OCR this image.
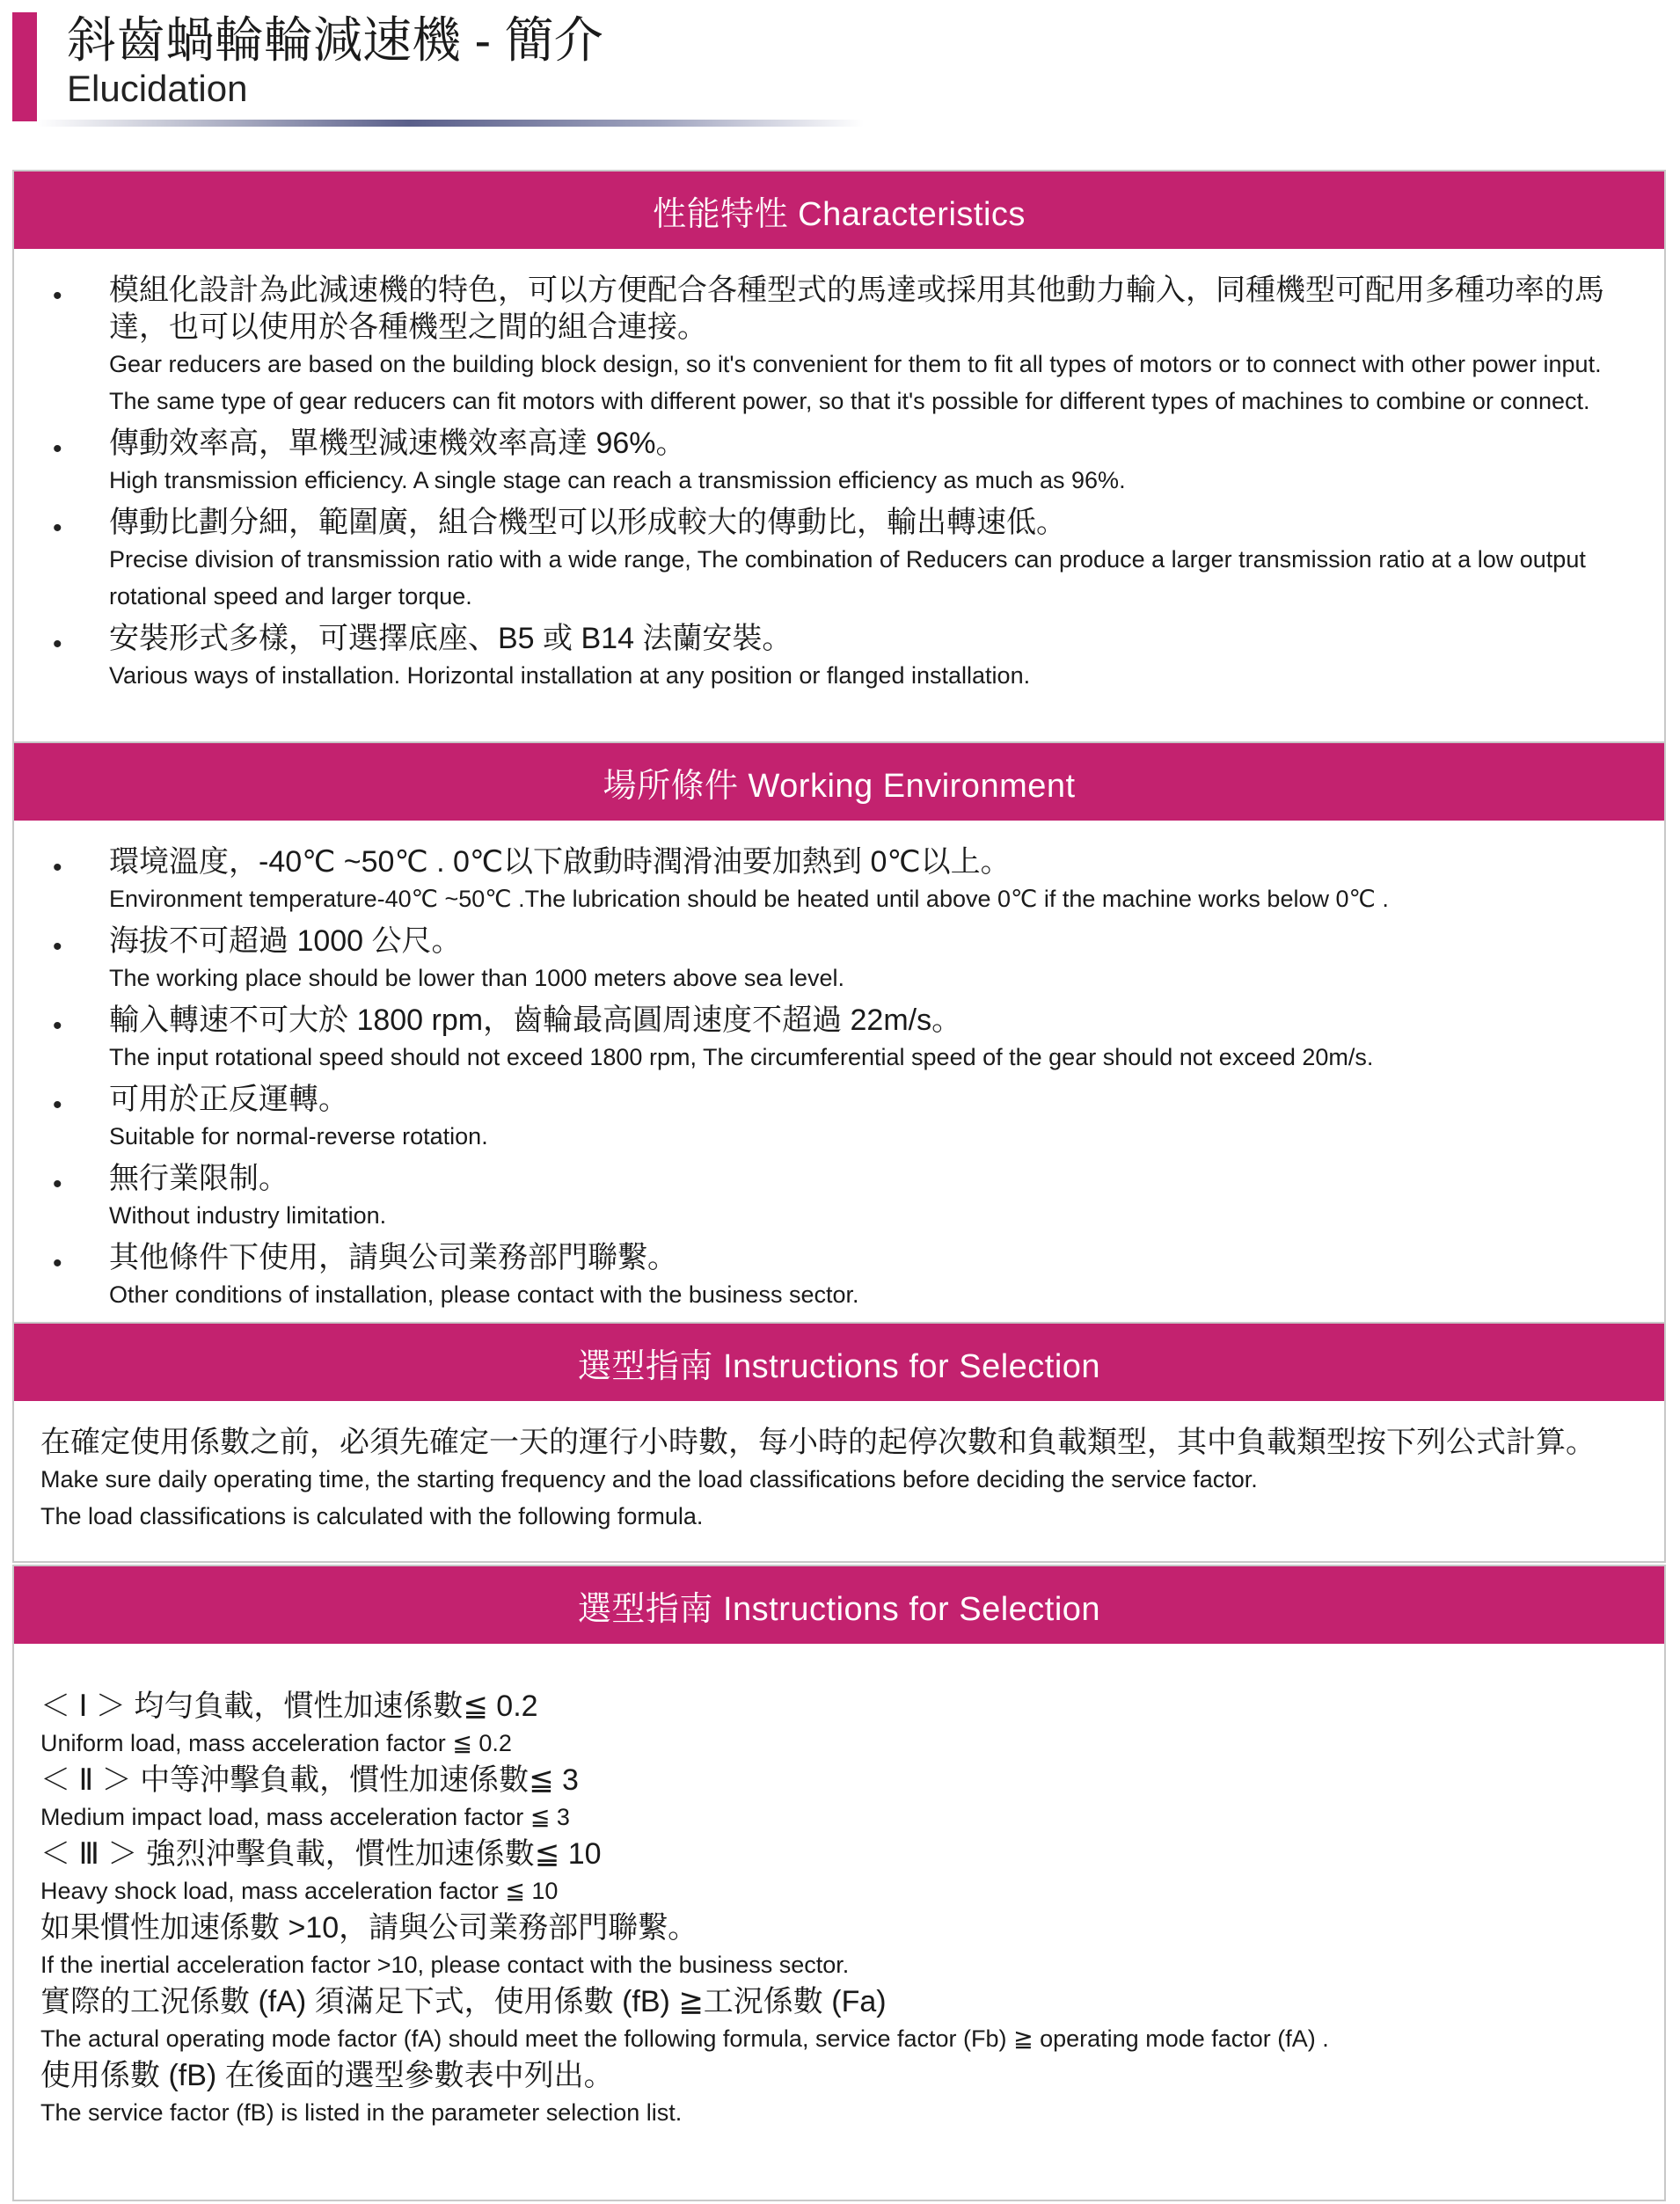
斜齒蝸輪輪減速機 - 簡介
Elucidation
性能特性 Characteristics
• 模組化設計為此減速機的特色，可以方便配合各種型式的馬達或採用其他動力輸入，同種機型可配用多種功率的馬達，也可以使用於各種機型之間的組合連接。
Gear reducers are based on the building block design, so it's convenient for them to fit all types of motors or to connect with other power input. The same type of gear reducers can fit motors with different power, so that it's possible for different types of machines to combine or connect.
• 傳動效率高，單機型減速機效率高達 96%。
High transmission efficiency. A single stage can reach a transmission efficiency as much as 96%.
• 傳動比劃分細，範圍廣，組合機型可以形成較大的傳動比，輸出轉速低。
Precise division of transmission ratio with a wide range, The combination of Reducers can produce a larger transmission ratio at a low output rotational speed and larger torque.
• 安裝形式多樣，可選擇底座、B5 或 B14 法蘭安裝。
Various ways of installation. Horizontal installation at any position or flanged installation.
場所條件 Working Environment
• 環境溫度，-40℃ ~50℃ . 0℃以下啟動時潤滑油要加熱到 0℃以上。
Environment temperature-40℃ ~50℃ .The lubrication should be heated until above 0℃ if the machine works below 0℃ .
• 海拔不可超過 1000 公尺。
The working place should be lower than 1000 meters above sea level.
• 輸入轉速不可大於 1800 rpm，齒輪最高圓周速度不超過 22m/s。
The input rotational speed should not exceed 1800 rpm, The circumferential speed of the gear should not exceed 20m/s.
• 可用於正反運轉。
Suitable for normal-reverse rotation.
• 無行業限制。
Without industry limitation.
• 其他條件下使用，請與公司業務部門聯繫。
Other conditions of installation, please contact with the business sector.
選型指南 Instructions for Selection
在確定使用係數之前，必須先確定一天的運行小時數，每小時的起停次數和負載類型，其中負載類型按下列公式計算。
Make sure daily operating time, the starting frequency and the load classifications before deciding the service factor.
The load classifications is calculated with the following formula.
選型指南 Instructions for Selection
＜ Ⅰ ＞ 均勻負載，慣性加速係數≦ 0.2
Uniform load, mass acceleration factor ≦ 0.2
＜ Ⅱ ＞ 中等沖擊負載，慣性加速係數≦ 3
Medium impact load, mass acceleration factor ≦ 3
＜ Ⅲ ＞ 強烈沖擊負載，慣性加速係數≦ 10
Heavy shock load, mass acceleration factor ≦ 10
如果慣性加速係數 >10，請與公司業務部門聯繫。
If the inertial acceleration factor >10, please contact with the business sector.
實際的工況係數 (fA) 須滿足下式，使用係數 (fB) ≧工況係數 (Fa)
The actural operating mode factor (fA) should meet the following formula, service factor (Fb) ≧ operating mode factor (fA) .
使用係數 (fB) 在後面的選型參數表中列出。
The service factor (fB) is listed in the parameter selection list.
